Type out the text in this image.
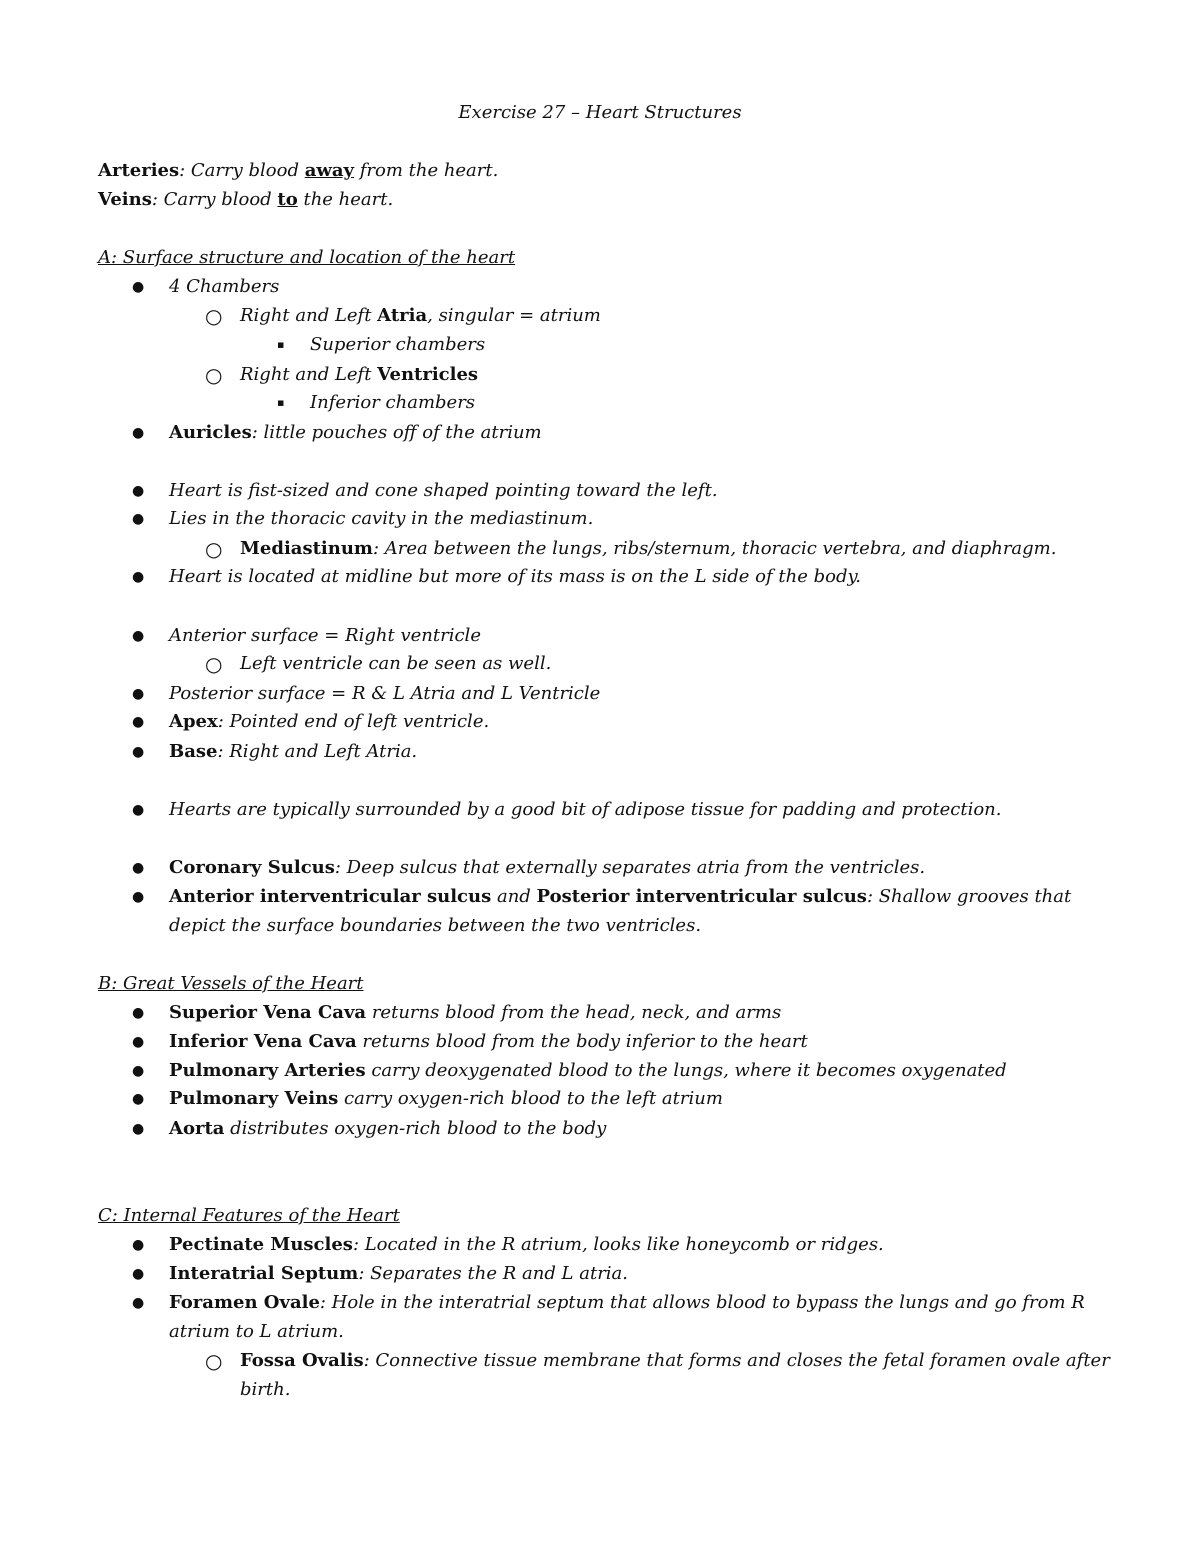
Exercise 27 – Heart Structures
Arteries: Carry blood away from the heart.
Veins: Carry blood to the heart.
A: Surface structure and location of the heart
● 4 Chambers
○ Right and Left Atria, singular = atrium
▪ Superior chambers
○ Right and Left Ventricles
▪ Inferior chambers
● Auricles: little pouches off of the atrium
● Heart is fist-sized and cone shaped pointing toward the left.
● Lies in the thoracic cavity in the mediastinum.
○ Mediastinum: Area between the lungs, ribs/sternum, thoracic vertebra, and diaphragm.
● Heart is located at midline but more of its mass is on the L side of the body.
● Anterior surface = Right ventricle
○ Left ventricle can be seen as well.
● Posterior surface = R & L Atria and L Ventricle
● Apex: Pointed end of left ventricle.
● Base: Right and Left Atria.
● Hearts are typically surrounded by a good bit of adipose tissue for padding and protection.
● Coronary Sulcus: Deep sulcus that externally separates atria from the ventricles.
● Anterior interventricular sulcus and Posterior interventricular sulcus: Shallow grooves that
depict the surface boundaries between the two ventricles.
B: Great Vessels of the Heart
● Superior Vena Cava returns blood from the head, neck, and arms
● Inferior Vena Cava returns blood from the body inferior to the heart
● Pulmonary Arteries carry deoxygenated blood to the lungs, where it becomes oxygenated
● Pulmonary Veins carry oxygen-rich blood to the left atrium
● Aorta distributes oxygen-rich blood to the body
C: Internal Features of the Heart
● Pectinate Muscles: Located in the R atrium, looks like honeycomb or ridges.
● Interatrial Septum: Separates the R and L atria.
● Foramen Ovale: Hole in the interatrial septum that allows blood to bypass the lungs and go from R
atrium to L atrium.
○ Fossa Ovalis: Connective tissue membrane that forms and closes the fetal foramen ovale after
birth.
